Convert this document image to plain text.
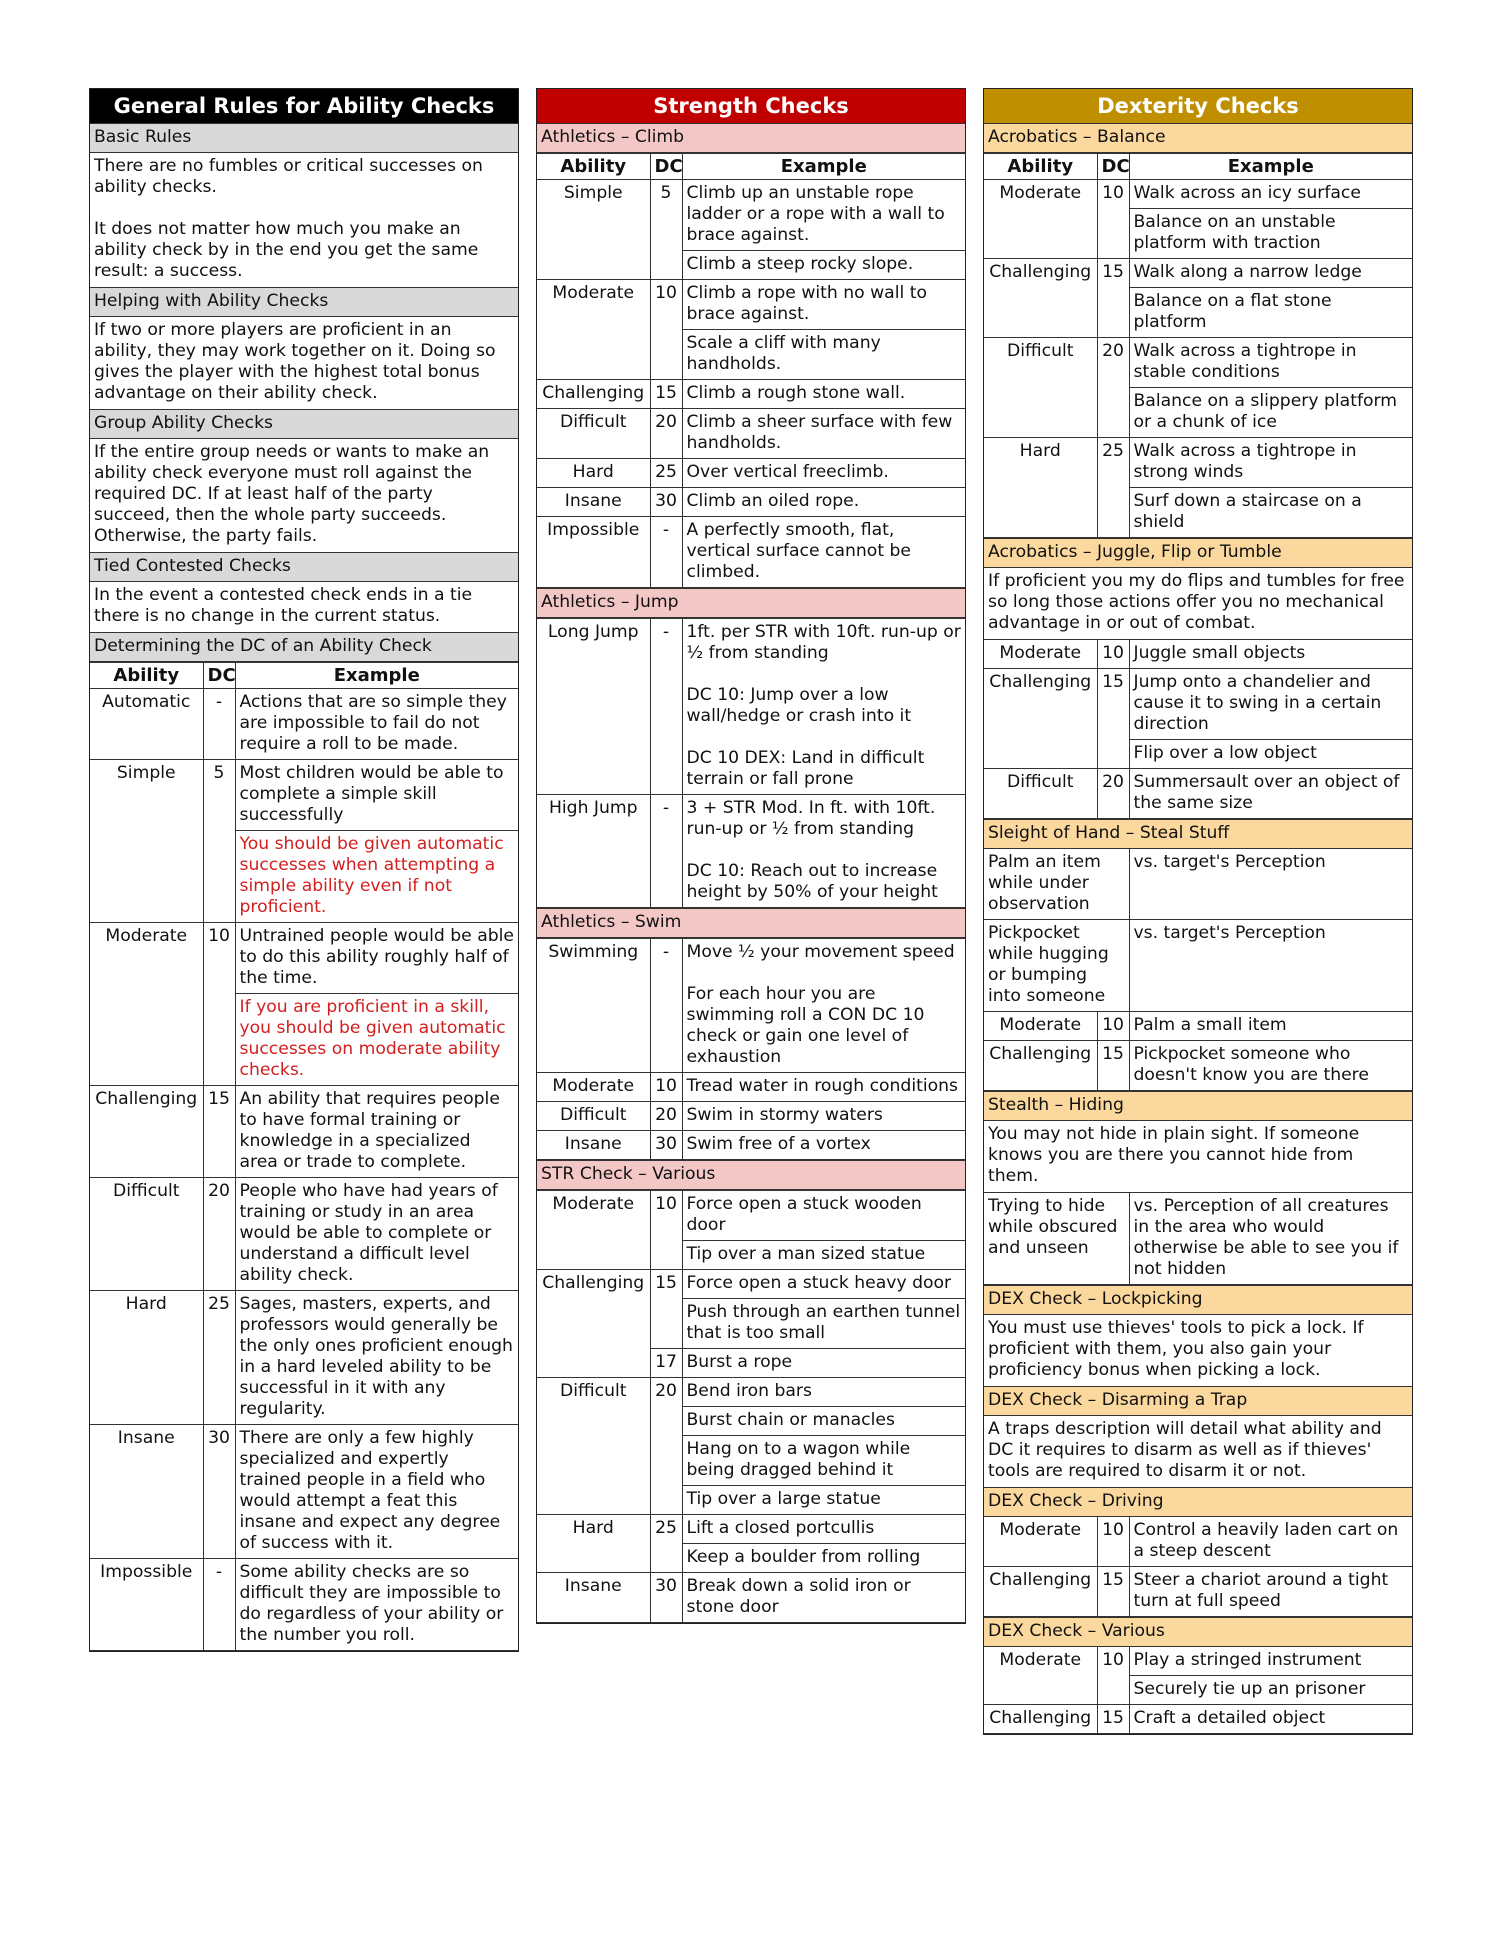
General Rules for Ability Checks
Basic Rules
There are no fumbles or critical successes on ability checks.
It does not matter how much you make an ability check by in the end you get the same result: a success.
Helping with Ability Checks
If two or more players are proficient in an ability, they may work together on it. Doing so gives the player with the highest total bonus advantage on their ability check.
Group Ability Checks
If the entire group needs or wants to make an ability check everyone must roll against the required DC. If at least half of the party succeed, then the whole party succeeds. Otherwise, the party fails.
Tied Contested Checks
In the event a contested check ends in a tie there is no change in the current status.
Determining the DC of an Ability Check
Ability	DC	Example
Automatic	-	Actions that are so simple they are impossible to fail do not require a roll to be made.
Simple	5	Most children would be able to complete a simple skill successfully
		You should be given automatic successes when attempting a simple ability even if not proficient.
Moderate	10	Untrained people would be able to do this ability roughly half of the time.
		If you are proficient in a skill, you should be given automatic successes on moderate ability checks.
Challenging	15	An ability that requires people to have formal training or knowledge in a specialized area or trade to complete.
Difficult	20	People who have had years of training or study in an area would be able to complete or understand a difficult level ability check.
Hard	25	Sages, masters, experts, and professors would generally be the only ones proficient enough in a hard leveled ability to be successful in it with any regularity.
Insane	30	There are only a few highly specialized and expertly trained people in a field who would attempt a feat this insane and expect any degree of success with it.
Impossible	-	Some ability checks are so difficult they are impossible to do regardless of your ability or the number you roll.
Strength Checks
Athletics – Climb
Ability	DC	Example
Simple	5	Climb up an unstable rope ladder or a rope with a wall to brace against.
		Climb a steep rocky slope.
Moderate	10	Climb a rope with no wall to brace against.
		Scale a cliff with many handholds.
Challenging	15	Climb a rough stone wall.
Difficult	20	Climb a sheer surface with few handholds.
Hard	25	Over vertical freeclimb.
Insane	30	Climb an oiled rope.
Impossible	-	A perfectly smooth, flat, vertical surface cannot be climbed.
Athletics – Jump
Long Jump	-	1ft. per STR with 10ft. run-up or ½ from standing
DC 10: Jump over a low wall/hedge or crash into it
DC 10 DEX: Land in difficult terrain or fall prone

High Jump	-	3 + STR Mod. In ft. with 10ft. run-up or ½ from standing
DC 10: Reach out to increase height by 50% of your height
Athletics – Swim
Swimming	-	Move ½ your movement speed
For each hour you are swimming roll a CON DC 10 check or gain one level of exhaustion

Moderate	10	Tread water in rough conditions
Difficult	20	Swim in stormy waters
Insane	30	Swim free of a vortex
STR Check – Various
Moderate	10	Force open a stuck wooden door
		Tip over a man sized statue
Challenging	15	Force open a stuck heavy door
		Push through an earthen tunnel that is too small
	17	Burst a rope
Difficult	20	Bend iron bars
		Burst chain or manacles
		Hang on to a wagon while being dragged behind it
		Tip over a large statue
Hard	25	Lift a closed portcullis
		Keep a boulder from rolling
Insane	30	Break down a solid iron or stone door
Dexterity Checks
Acrobatics – Balance
Ability	DC	Example
Moderate	10	Walk across an icy surface
		Balance on an unstable platform with traction
Challenging	15	Walk along a narrow ledge
		Balance on a flat stone platform
Difficult	20	Walk across a tightrope in stable conditions
		Balance on a slippery platform or a chunk of ice
Hard	25	Walk across a tightrope in strong winds
		Surf down a staircase on a shield
Acrobatics – Juggle, Flip or Tumble
If proficient you my do flips and tumbles for free so long those actions offer you no mechanical advantage in or out of combat.
Moderate	10	Juggle small objects
Challenging	15	Jump onto a chandelier and cause it to swing in a certain direction
		Flip over a low object
Difficult	20	Summersault over an object of the same size
Sleight of Hand – Steal Stuff
Palm an item while under observation		vs. target's Perception
Pickpocket while hugging or bumping into someone		vs. target's Perception
Moderate	10	Palm a small item
Challenging	15	Pickpocket someone who doesn't know you are there
Stealth – Hiding
You may not hide in plain sight. If someone knows you are there you cannot hide from them.
Trying to hide while obscured and unseen	vs. Perception of all creatures in the area who would otherwise be able to see you if not hidden
DEX Check – Lockpicking
You must use thieves' tools to pick a lock. If proficient with them, you also gain your proficiency bonus when picking a lock.
DEX Check – Disarming a Trap
A traps description will detail what ability and DC it requires to disarm as well as if thieves' tools are required to disarm it or not.
DEX Check – Driving
Moderate	10	Control a heavily laden cart on a steep descent
Challenging	15	Steer a chariot around a tight turn at full speed
DEX Check – Various
Moderate	10	Play a stringed instrument
		Securely tie up an prisoner
Challenging	15	Craft a detailed object
